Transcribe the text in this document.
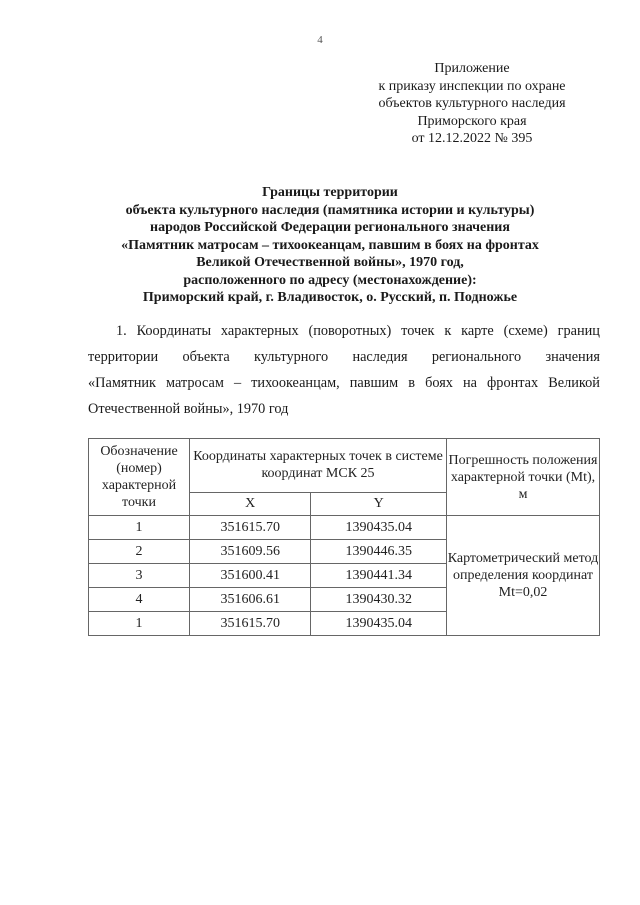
4
Приложение
к приказу инспекции по охране
объектов культурного наследия
Приморского края
от 12.12.2022 № 395
Границы территории
объекта культурного наследия (памятника истории и культуры)
народов Российской Федерации регионального значения
«Памятник матросам – тихоокеанцам, павшим в боях на фронтах
Великой Отечественной войны», 1970 год,
расположенного по адресу (местонахождение):
Приморский край, г. Владивосток, о. Русский, п. Подножье
1. Координаты характерных (поворотных) точек к карте (схеме) границ
территории объекта культурного наследия регионального значения
«Памятник матросам – тихоокеанцам, павшим в боях на фронтах Великой
Отечественной войны», 1970 год
Обозначение (номер) характерной точки	Координаты характерных точек в системе координат МСК 25		Погрешность положения характерной точки (Mt), м
	X	Y	
1	351615.70	1390435.04	Картометрический метод определения координат Mt=0,02
2	351609.56	1390446.35	
3	351600.41	1390441.34	
4	351606.61	1390430.32	
1	351615.70	1390435.04	
